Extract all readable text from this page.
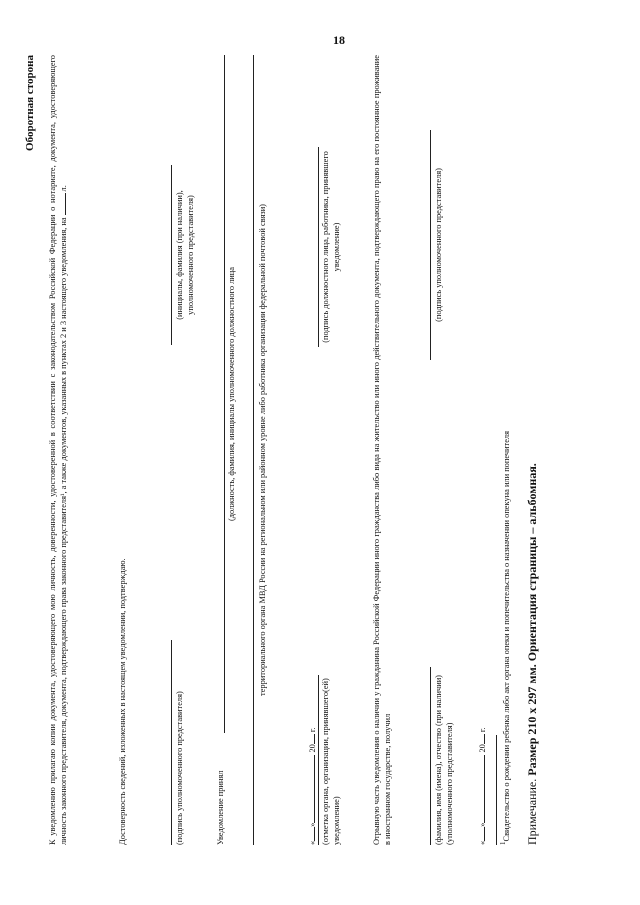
18
Оборотная сторона К уведомлению прилагаю копии документа, удостоверяющего мою личность, доверенности, удостоверенной в соответствии с законодательством Российской Федерации о нотариате, документа, удостоверяющего личность законного представителя, документа, подтверждающего права законного представителя¹, а также документов, указанных в пунктах 2 и 3 настоящего уведомления, нал.
Достоверность сведений, изложенных в настоящем уведомлении, подтверждаю.	(подпись уполномоченного представителя)
(инициалы, фамилия (при наличии), уполномоченного представителя)
Уведомление принял
(должность, фамилия, инициалы уполномоченного должностного лица	территориального органа МВД России на региональном или районном уровне либо работника организации федеральной почтовой связи)
«» 20 г. (отметка органа, организации, принявшего(ей) уведомление)
(подпись должностного лица, работника, принявшего уведомление)	Отрывную часть уведомления о наличии у гражданина Российской Федерации иного гражданства либо вида на жительство или иного действительного документа, подтверждающего право на его постоянное проживание в иностранном государстве, получил	(фамилия, имя (имена), отчество (при наличии) (уполномоченного представителя)
(подпись уполномоченного представителя)
«» 20 г.
$^1$Свидетельство о рождении ребенка либо акт органа опеки и попечительства о назначении опекуна или попечителя Примечание. Размер 210 х 297 мм. Ориентация страницы – альбомная.
